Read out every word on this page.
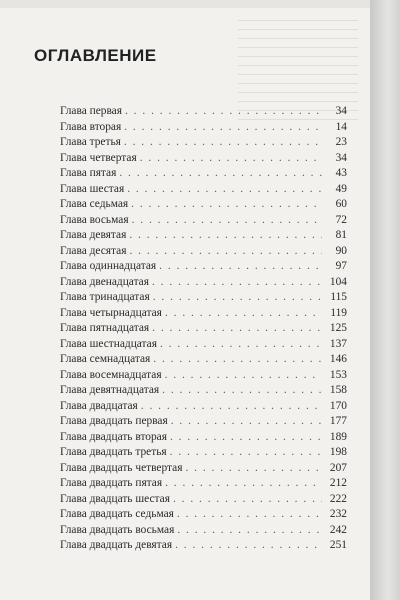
ОГЛАВЛЕНИЕ
Глава первая . . .	34
Глава вторая . . .	14
Глава третья . . .	23
Глава четвертая . . .	34
Глава пятая . . .	43
Глава шестая . . .	49
Глава седьмая . . .	60
Глава восьмая . . .	72
Глава девятая . . .	81
Глава десятая . . .	90
Глава одиннадцатая . . .	97
Глава двенадцатая . . .	104
Глава тринадцатая . . .	115
Глава четырнадцатая . . .	119
Глава пятнадцатая . . .	125
Глава шестнадцатая . . .	137
Глава семнадцатая . . .	146
Глава восемнадцатая . . .	153
Глава девятнадцатая . . .	158
Глава двадцатая . . .	170
Глава двадцать первая . . .	177
Глава двадцать вторая . . .	189
Глава двадцать третья . . .	198
Глава двадцать четвертая . . .	207
Глава двадцать пятая . . .	212
Глава двадцать шестая . . .	222
Глава двадцать седьмая . . .	232
Глава двадцать восьмая . . .	242
Глава двадцать девятая . . .	251
